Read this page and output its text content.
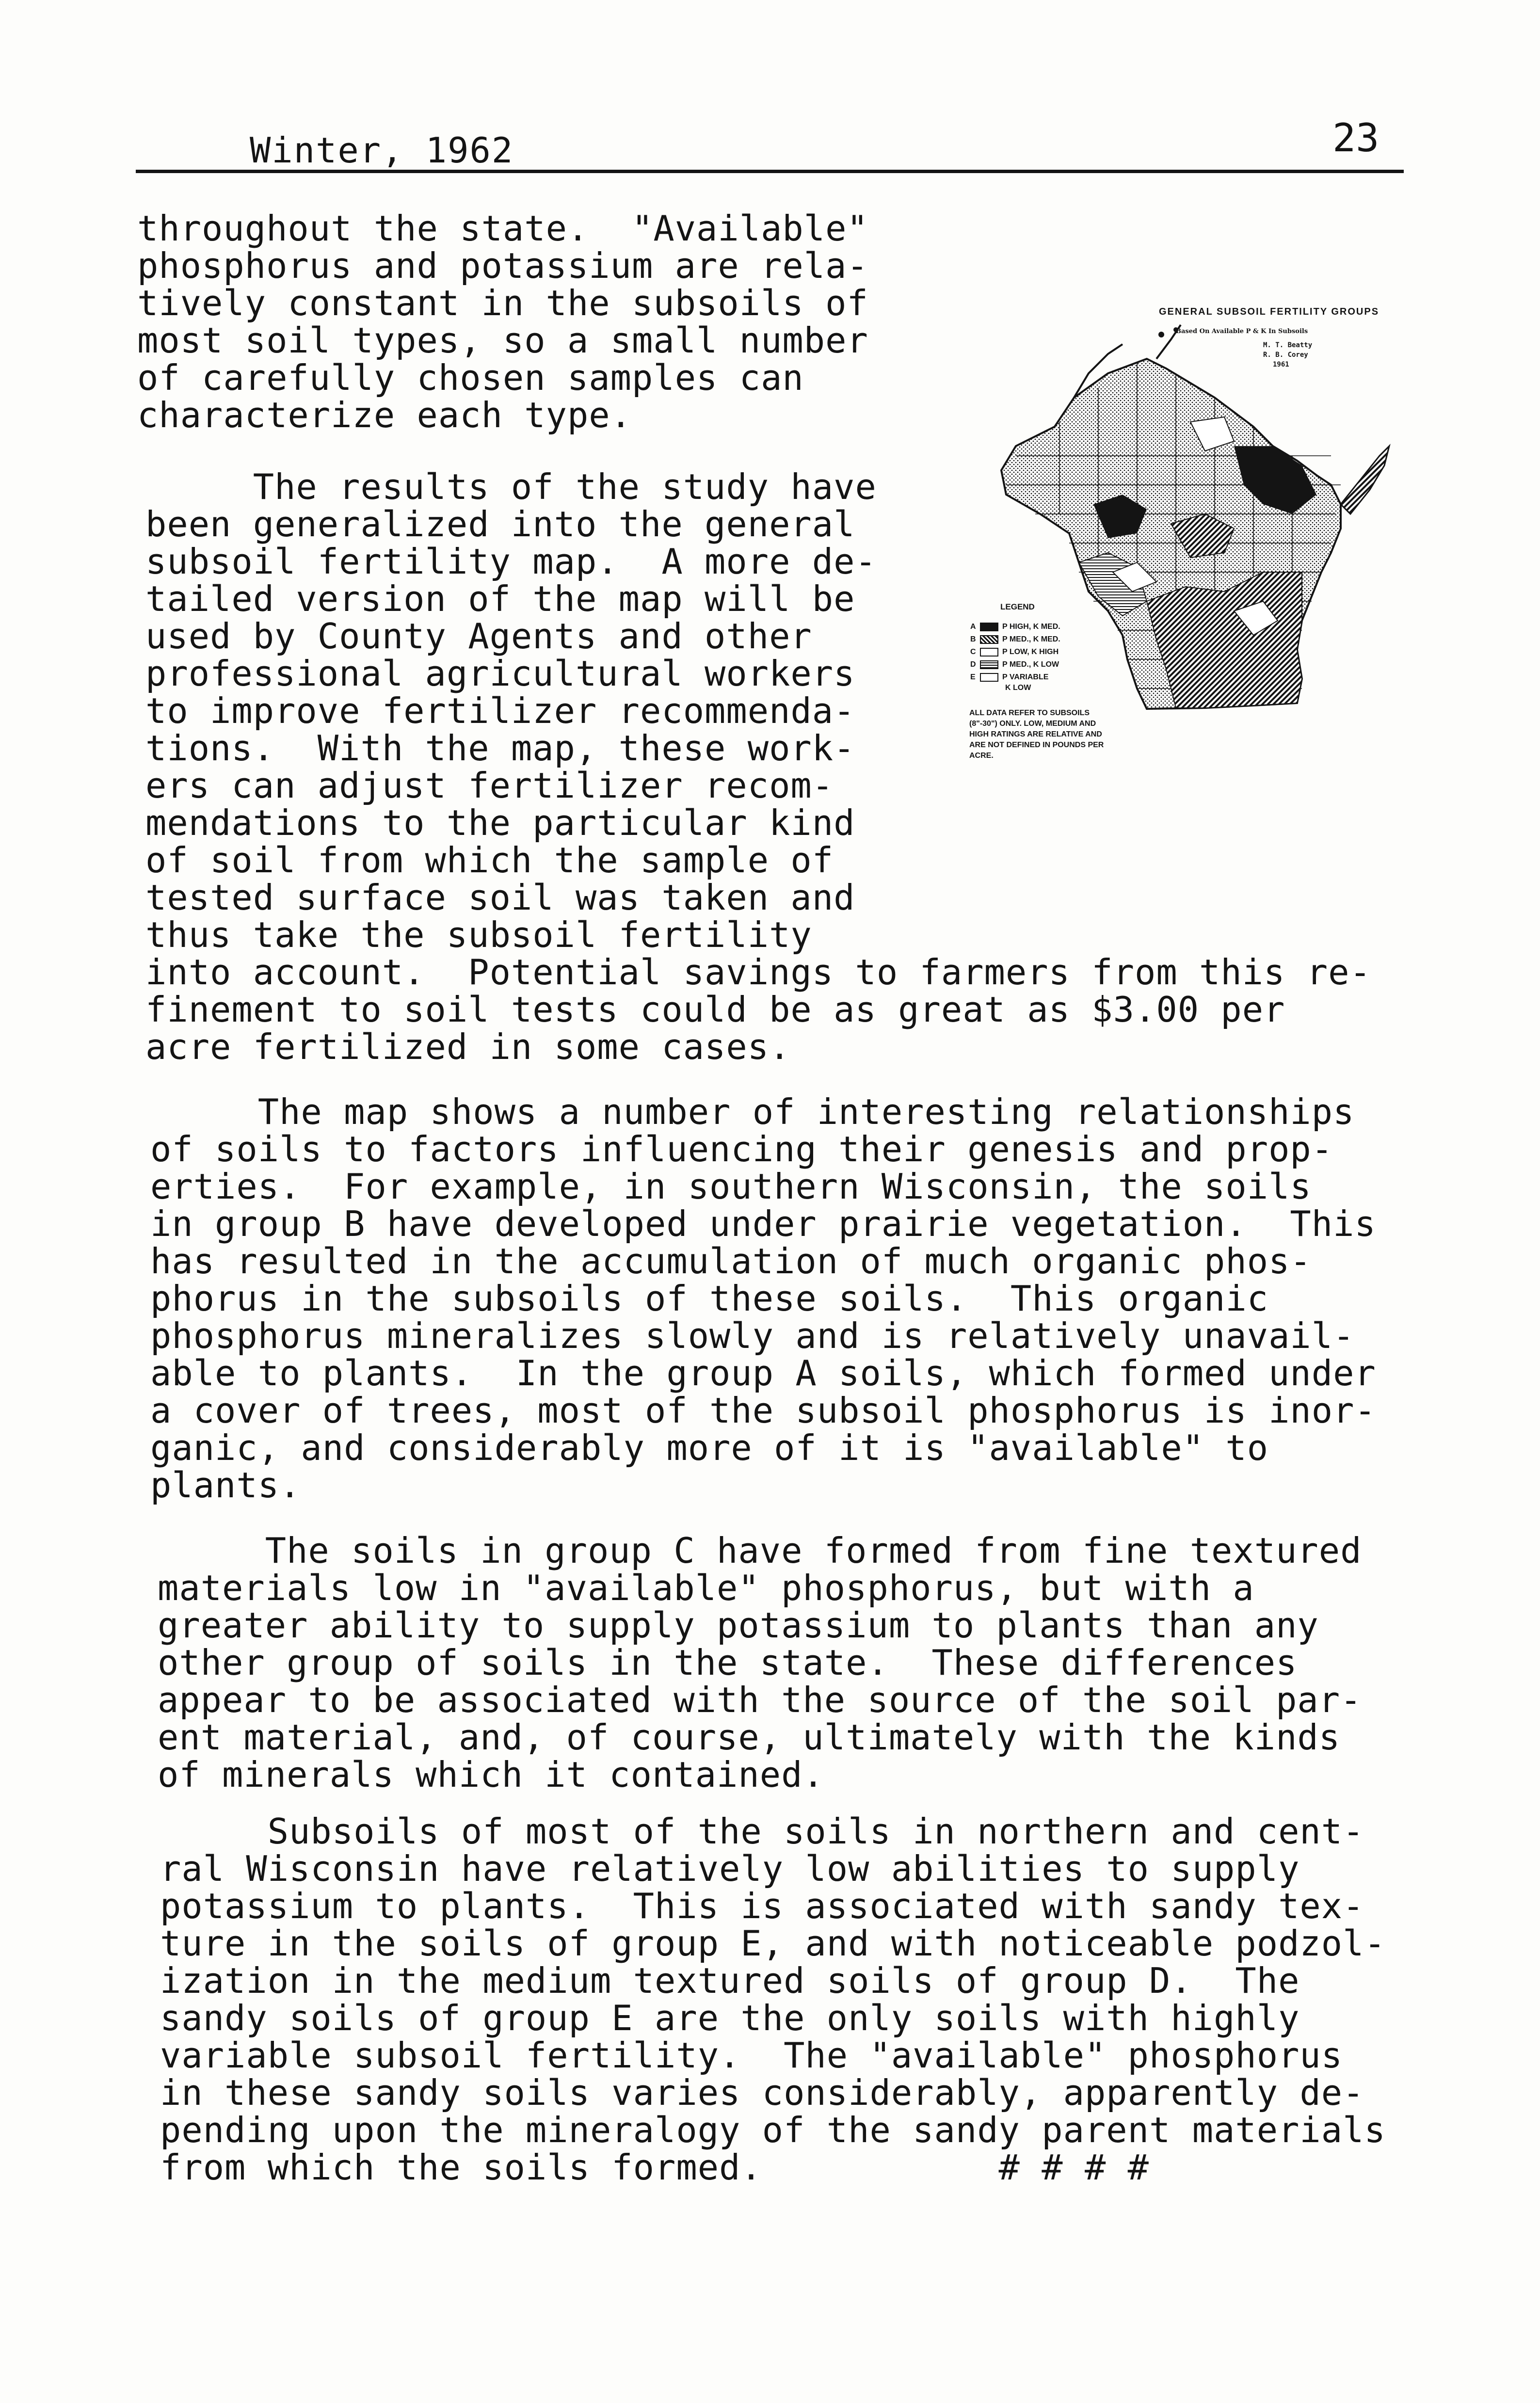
Winter, 1962	23

throughout the state.  "Available"
phosphorus and potassium are rela-
tively constant in the subsoils of
most soil types, so a small number
of carefully chosen samples can
characterize each type.

The results of the study have
been generalized into the general
subsoil fertility map.  A more de-
tailed version of the map will be
used by County Agents and other
professional agricultural workers
to improve fertilizer recommenda-
tions.  With the map, these work-
ers can adjust fertilizer recom-
mendations to the particular kind
of soil from which the sample of
tested surface soil was taken and
thus take the subsoil fertility
into account.  Potential savings to farmers from this re-
finement to soil tests could be as great as $3.00 per
acre fertilized in some cases.

GENERAL SUBSOIL FERTILITY GROUPS
Based On Available P & K In Subsoils
M. T. Beatty
R. B. Corey
1961
LEGEND
A	P HIGH, K MED.
B	P MED., K MED.
C	P LOW, K HIGH
D	P MED., K LOW
E	P VARIABLE
K LOW
ALL DATA REFER TO SUBSOILS (8"-30") ONLY. LOW, MEDIUM AND HIGH RATINGS ARE RELATIVE AND ARE NOT DEFINED IN POUNDS PER ACRE.

The map shows a number of interesting relationships
of soils to factors influencing their genesis and prop-
erties.  For example, in southern Wisconsin, the soils
in group B have developed under prairie vegetation.  This
has resulted in the accumulation of much organic phos-
phorus in the subsoils of these soils.  This organic
phosphorus mineralizes slowly and is relatively unavail-
able to plants.  In the group A soils, which formed under
a cover of trees, most of the subsoil phosphorus is inor-
ganic, and considerably more of it is "available" to
plants.

The soils in group C have formed from fine textured
materials low in "available" phosphorus, but with a
greater ability to supply potassium to plants than any
other group of soils in the state.  These differences
appear to be associated with the source of the soil par-
ent material, and, of course, ultimately with the kinds
of minerals which it contained.

Subsoils of most of the soils in northern and cent-
ral Wisconsin have relatively low abilities to supply
potassium to plants.  This is associated with sandy tex-
ture in the soils of group E, and with noticeable podzol-
ization in the medium textured soils of group D.  The
sandy soils of group E are the only soils with highly
variable subsoil fertility.  The "available" phosphorus
in these sandy soils varies considerably, apparently de-
pending upon the mineralogy of the sandy parent materials
from which the soils formed.           # # # #
